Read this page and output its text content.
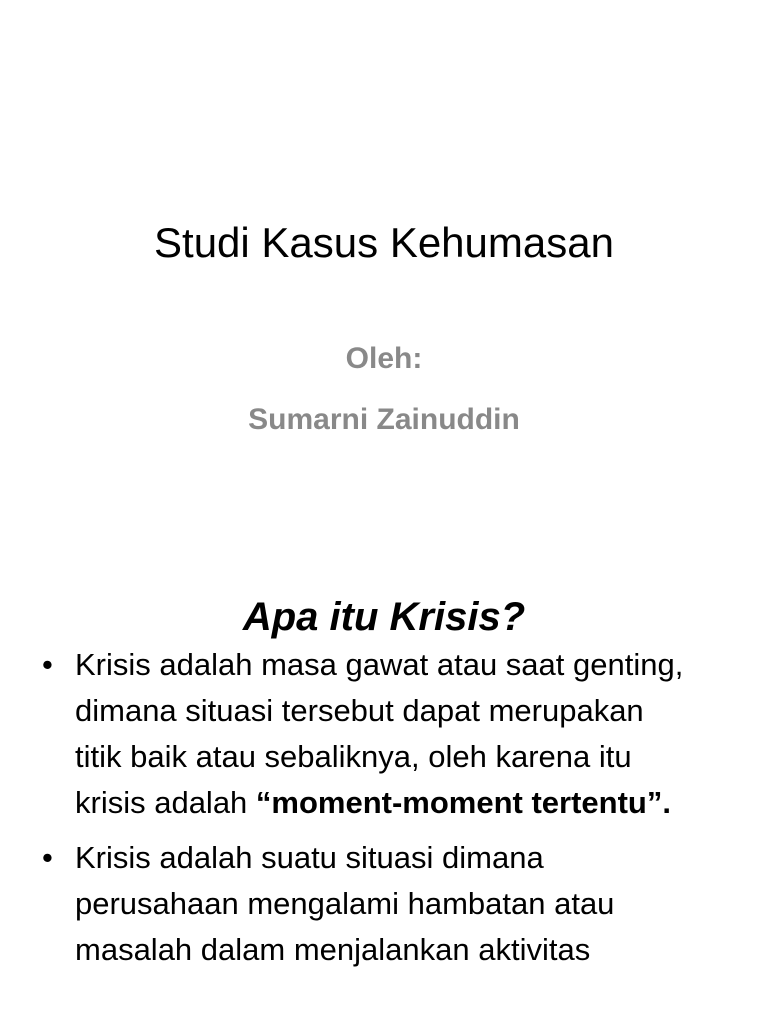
Studi Kasus Kehumasan

Oleh:

Sumarni Zainuddin

Apa itu Krisis?
• Krisis adalah masa gawat atau saat genting, dimana situasi tersebut dapat merupakan titik baik atau sebaliknya, oleh karena itu krisis adalah “moment-moment tertentu”.
• Krisis adalah suatu situasi dimana perusahaan mengalami hambatan atau masalah dalam menjalankan aktivitas
